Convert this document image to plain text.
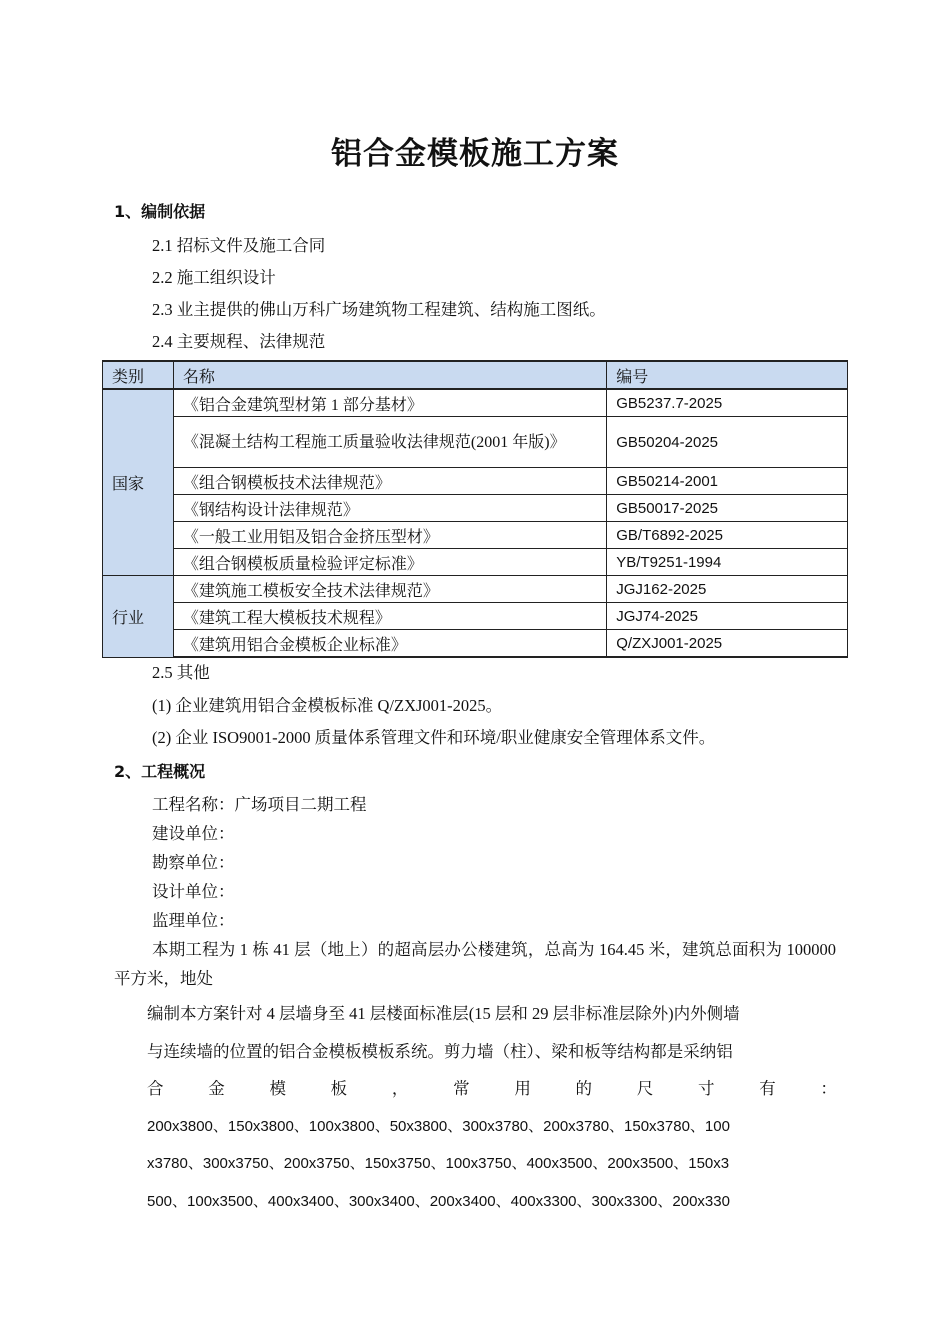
铝合金模板施工方案
1、编制依据
2.1 招标文件及施工合同
2.2 施工组织设计
2.3 业主提供的佛山万科广场建筑物工程建筑、结构施工图纸。
2.4 主要规程、法律规范
类别	名称	编号
国家	《铝合金建筑型材第 1 部分基材》	GB5237.7-2025
	《混凝土结构工程施工质量验收法律规范(2001 年版)》	GB50204-2025
	《组合钢模板技术法律规范》	GB50214-2001
	《钢结构设计法律规范》	GB50017-2025
	《一般工业用铝及铝合金挤压型材》	GB/T6892-2025
	《组合钢模板质量检验评定标准》	YB/T9251-1994
行业	《建筑施工模板安全技术法律规范》	JGJ162-2025
	《建筑工程大模板技术规程》	JGJ74-2025
	《建筑用铝合金模板企业标准》	Q/ZXJ001-2025
2.5 其他
(1) 企业建筑用铝合金模板标准 Q/ZXJ001-2025。
(2) 企业 ISO9001-2000 质量体系管理文件和环境/职业健康安全管理体系文件。
2、工程概况
工程名称：广场项目二期工程
建设单位：
勘察单位：
设计单位：
监理单位：
本期工程为 1 栋 41 层（地上）的超高层办公楼建筑，总高为 164.45 米，建筑总面积为 100000 平方米，地处
编制本方案针对 4 层墙身至 41 层楼面标准层(15 层和 29 层非标准层除外)内外侧墙
与连续墙的位置的铝合金模板模板系统。剪力墙（柱）、梁和板等结构都是采纳铝
合	金	模	板	，	常	用	的	尺	寸	有	：
200x3800、150x3800、100x3800、50x3800、300x3780、200x3780、150x3780、100
x3780、300x3750、200x3750、150x3750、100x3750、400x3500、200x3500、150x3
500、100x3500、400x3400、300x3400、200x3400、400x3300、300x3300、200x330
